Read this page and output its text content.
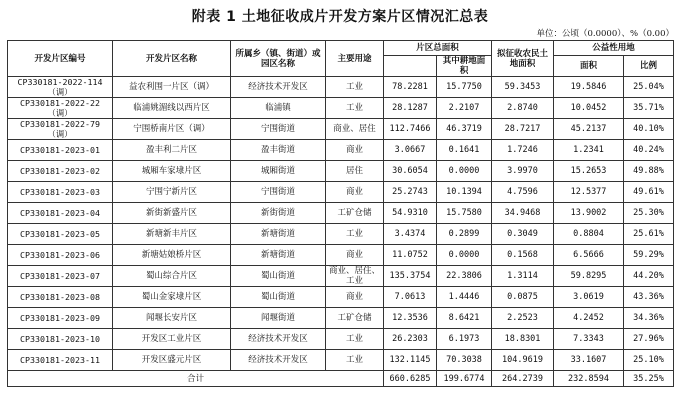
附表 1 土地征收成片开发方案片区情况汇总表
单位：公顷（0.0000）、%（0.00）
开发片区编号	开发片区名称	所属乡（镇、街道）或园区名称	主要用途	片区总面积		拟征收农民土地面积	公益性用地	
					其中耕地面积		面积	比例
CP330181-2022-114（调）	益农利围一片区（调）	经济技术开发区	工业	78.2281	15.7750	59.3453	19.5846	25.04%
CP330181-2022-22（调）	临浦姚湄线以西片区	临浦镇	工业	28.1287	2.2107	2.8740	10.0452	35.71%
CP330181-2022-79（调）	宁围桥南片区（调）	宁围街道	商业、居住	112.7466	46.3719	28.7217	45.2137	40.10%
CP330181-2023-01	盈丰利二片区	盈丰街道	商业	3.0667	0.1641	1.7246	1.2341	40.24%
CP330181-2023-02	城厢车家埭片区	城厢街道	居住	30.6054	0.0000	3.9970	15.2653	49.88%
CP330181-2023-03	宁围宁新片区	宁围街道	商业	25.2743	10.1394	4.7596	12.5377	49.61%
CP330181-2023-04	新街新盛片区	新街街道	工矿仓储	54.9310	15.7580	34.9468	13.9002	25.30%
CP330181-2023-05	新塘新丰片区	新塘街道	工业	3.4374	0.2899	0.3049	0.8804	25.61%
CP330181-2023-06	新塘姑娘桥片区	新塘街道	商业	11.0752	0.0000	0.1568	6.5666	59.29%
CP330181-2023-07	蜀山综合片区	蜀山街道	商业、居住、工业	135.3754	22.3806	1.3114	59.8295	44.20%
CP330181-2023-08	蜀山金家埭片区	蜀山街道	商业	7.0613	1.4446	0.0875	3.0619	43.36%
CP330181-2023-09	闻堰长安片区	闻堰街道	工矿仓储	12.3536	8.6421	2.2523	4.2452	34.36%
CP330181-2023-10	开发区工业片区	经济技术开发区	工业	26.2303	6.1973	18.8301	7.3343	27.96%
CP330181-2023-11	开发区盛元片区	经济技术开发区	工业	132.1145	70.3038	104.9619	33.1607	25.10%
合计				660.6285	199.6774	264.2739	232.8594	35.25%
